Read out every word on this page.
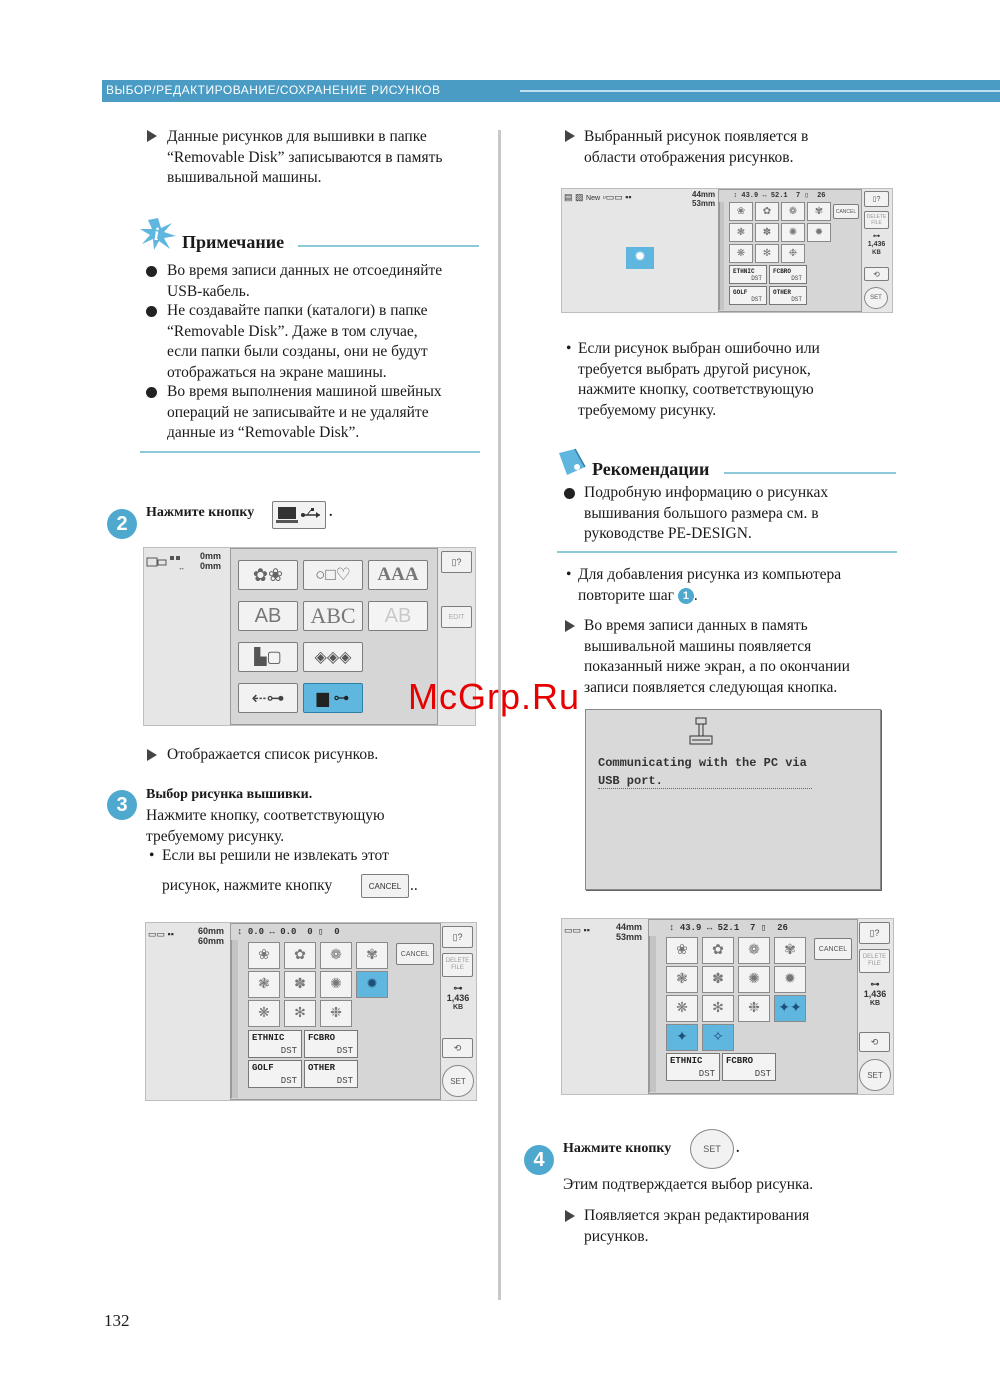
ВЫБОР/РЕДАКТИРОВАНИЕ/СОХРАНЕНИЕ РИСУНКОВ
Данные рисунков для вышивки в папке
“Removable Disk” записываются в память
вышивальной машины.
i Примечание
Во время записи данных не отсоединяйте
USB-кабель.
Не создавайте папки (каталоги) в папке
“Removable Disk”. Даже в том случае,
если папки были созданы, они не будут
отображаться на экране машины.
Во время выполнения машиной швейных
операций не записывайте и не удаляйте
данные из “Removable Disk”.
2
Нажмите кнопку	.
↔
0mm
0mm ✿❀ ○□♡	AAA
AB	ABC	AB
▙▢ ◈◈◈
⇠⊶ ▆ ⊶
▯?
EDIT
Отображается список рисунков.
3	Выбор рисунка вышивки.
Нажмите кнопку, соответствующую
требуемому рисунку.
• Если вы решили не извлекать этот
рисунок, нажмите кнопку	CANCEL ..
▭▭ ▪▪	60mm
60mm
↕ 0.0 ↔ 0.0 0 ▯  0
❀	✿	❁	✾
❃	✽	✺	✹
❋	✻	❉
ETHNIC
DST
FCBRO
DST
GOLF
DST
OTHER
DST
CANCEL
▯?
DELETE
FILE
⊶
1,436
KB
⟲
SET
Выбранный рисунок появляется в
области отображения рисунков.
▤ ▨ New ▫▭▭ ▪▪	44mm
53mm
✹
↕ 43.9 ↔ 52.1 7 ▯  26
❀	✿	❁	✾
❃	✽	✺	✹
❋	✻	❉
ETHNIC
DST
FCBRO
DST
GOLF
DST
OTHER
DST
CANCEL
▯?
DELETE
FILE
⊶
1,436
KB
⟲
SET
• Если рисунок выбран ошибочно или
требуется выбрать другой рисунок,
нажмите кнопку, соответствующую
требуемому рисунку.
Рекомендации
Подробную информацию о рисунках
вышивания большого размера см. в
руководстве PE-DESIGN.
• Для добавления рисунка из компьютера
повторите шаг 1 .
Во время записи данных в память
вышивальной машины появляется
показанный ниже экран, а по окончании
записи появляется следующая кнопка.
Communicating with the PC via
USB port.
McGrp.Ru
▭▭ ▪▪	44mm
53mm
↕ 43.9 ↔ 52.1 7 ▯  26
❀	✿	❁	✾
❃	✽	✺	✹
❋	✻	❉	✦✦
✦	✧
ETHNIC
DST
FCBRO
DST
CANCEL
▯?
DELETE
FILE
⊶
1,436
KB
⟲
SET
4
Нажмите кнопку	SET	.
Этим подтверждается выбор рисунка.
Появляется экран редактирования
рисунков.
132
